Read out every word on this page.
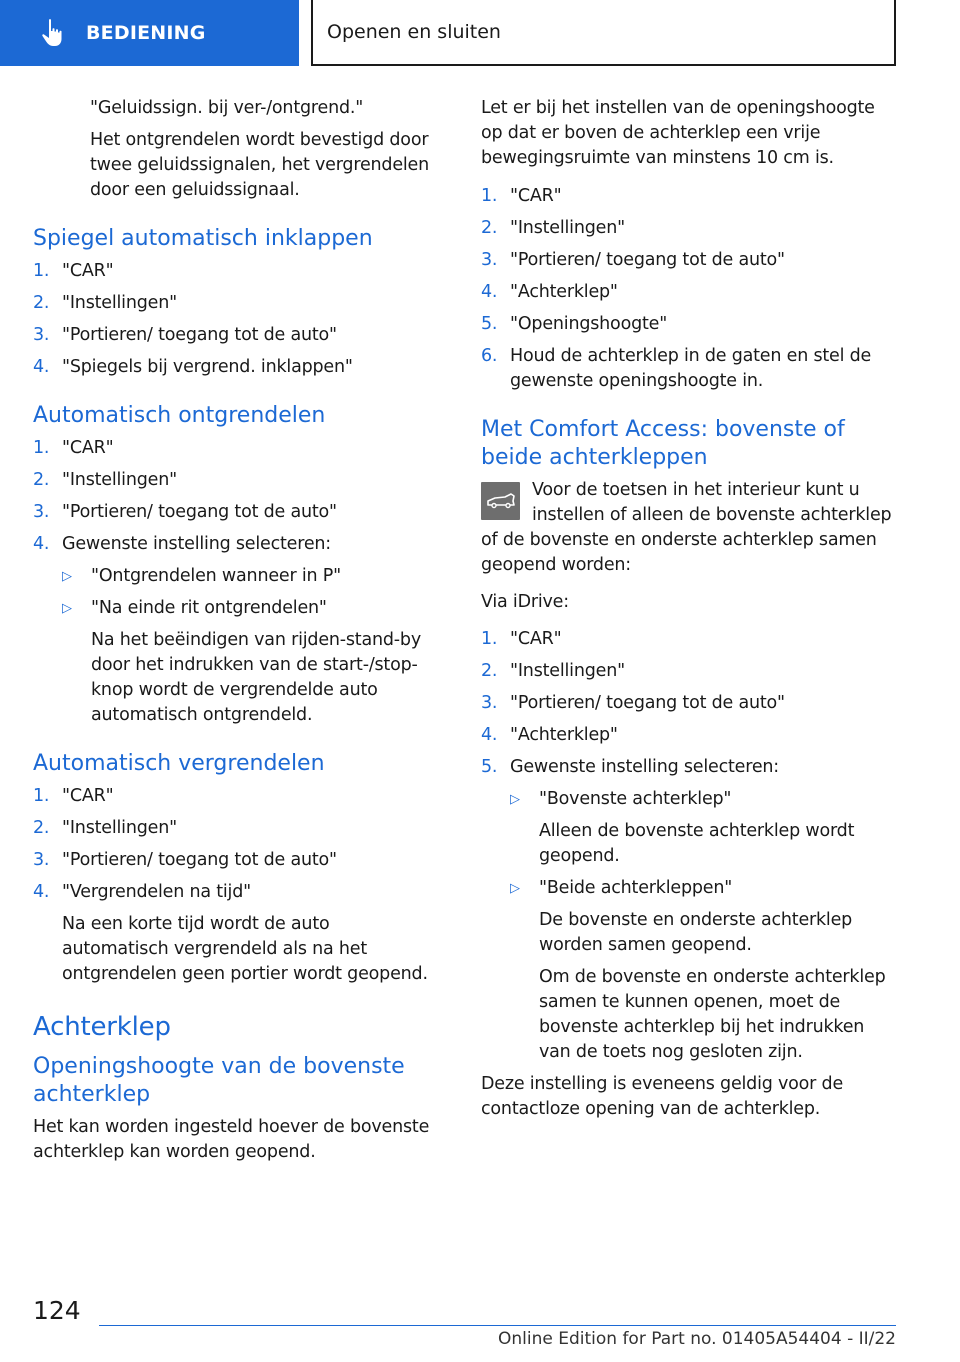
BEDIENING	Openen en sluiten

"Geluidssign. bij ver-/ontgrend."

Het ontgrendelen wordt bevestigd door twee geluidssignalen, het vergrendelen door een geluidssignaal.

Spiegel automatisch inklappen
1. "CAR"
2. "Instellingen"
3. "Portieren/ toegang tot de auto"
4. "Spiegels bij vergrend. inklappen"
Automatisch ontgrendelen
1. "CAR"
2. "Instellingen"
3. "Portieren/ toegang tot de auto"
4. Gewenste instelling selecteren:
▷	"Ontgrendelen wanneer in P"
▷	"Na einde rit ontgrendelen"

Na het beëindigen van rijden-stand-by door het indrukken van de start-/stop-knop wordt de vergrendelde auto automatisch ontgrendeld.

Automatisch vergrendelen
1. "CAR"
2. "Instellingen"
3. "Portieren/ toegang tot de auto"
4. "Vergrendelen na tijd"

Na een korte tijd wordt de auto automatisch vergrendeld als na het ontgrendelen geen portier wordt geopend.

Achterklep
Openingshoogte van de bovenste achterklep

Het kan worden ingesteld hoever de bovenste achterklep kan worden geopend.

Let er bij het instellen van de openingshoogte op dat er boven de achterklep een vrije bewegingsruimte van minstens 10 cm is.

1. "CAR"
2. "Instellingen"
3. "Portieren/ toegang tot de auto"
4. "Achterklep"
5. "Openingshoogte"
6. Houd de achterklep in de gaten en stel de gewenste openingshoogte in.
Met Comfort Access: bovenste of beide achterkleppen
Voor de toetsen in het interieur kunt u instellen of alleen de bovenste achterklep of de bovenste en onderste achterklep samen geopend worden:

Via iDrive:

1. "CAR"
2. "Instellingen"
3. "Portieren/ toegang tot de auto"
4. "Achterklep"
5. Gewenste instelling selecteren:
▷	"Bovenste achterklep"

Alleen de bovenste achterklep wordt geopend.

▷	"Beide achterkleppen"

De bovenste en onderste achterklep worden samen geopend.

Om de bovenste en onderste achterklep samen te kunnen openen, moet de bovenste achterklep bij het indrukken van de toets nog gesloten zijn.

Deze instelling is eveneens geldig voor de contactloze opening van de achterklep.

124
Online Edition for Part no. 01405A54404 - II/22
